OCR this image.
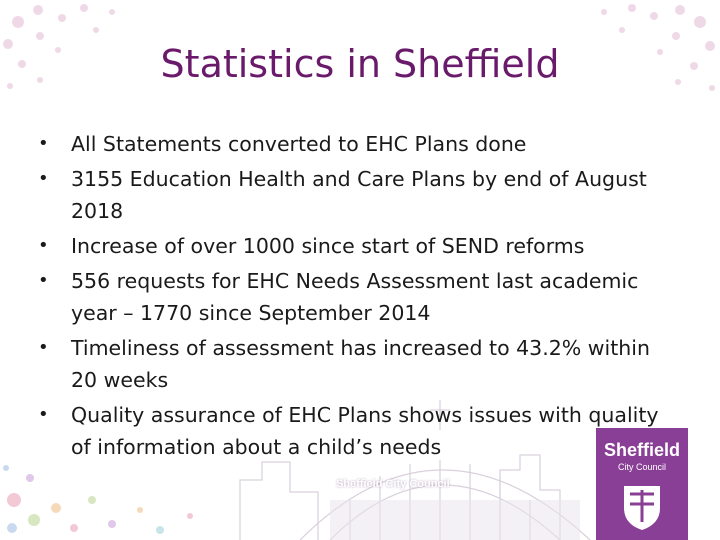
Statistics in Sheffield
•	All Statements converted to EHC Plans done
•	3155 Education Health and Care Plans by end of August 2018
•	Increase of over 1000 since start of SEND reforms
•	556 requests for EHC Needs Assessment last academic year – 1770 since September 2014
•	Timeliness of assessment has increased to 43.2% within 20 weeks
•	Quality assurance of EHC Plans shows issues with quality of information about a child’s needs
Sheffield City Council
Sheffield
City Council
